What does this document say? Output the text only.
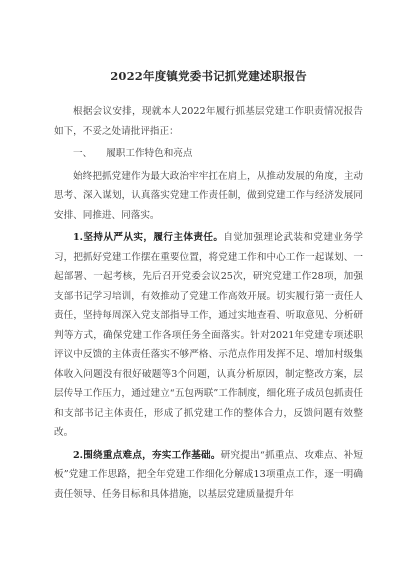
2022年度镇党委书记抓党建述职报告

根据会议安排，现就本人2022年履行抓基层党建工作职责情况报告如下，不妥之处请批评指正：

一、 履职工作特色和亮点

始终把抓党建作为最大政治牢牢扛在肩上，从推动发展的角度，主动思考、深入谋划，认真落实党建工作责任制，做到党建工作与经济发展同安排、同推进、同落实。

1.坚持从严从实，履行主体责任。自觉加强理论武装和党建业务学习，把抓好党建工作摆在重要位置，将党建工作和中心工作一起谋划、一起部署、一起考核，先后召开党委会议25次，研究党建工作28项，加强支部书记学习培训，有效推动了党建工作高效开展。切实履行第一责任人责任，坚持每周深入党支部指导工作，通过实地查看、听取意见、分析研判等方式，确保党建工作各项任务全面落实。针对2021年党建专项述职评议中反馈的主体责任落实不够严格、示范点作用发挥不足、增加村级集体收入问题没有很好破题等3个问题，认真分析原因，制定整改方案，层层传导工作压力，通过建立“五包两联”工作制度，细化班子成员包抓责任和支部书记主体责任，形成了抓党建工作的整体合力，反馈问题有效整改。

2.围绕重点难点，夯实工作基础。研究提出“抓重点、攻难点、补短板”党建工作思路，把全年党建工作细化分解成13项重点工作，逐一明确责任领导、任务目标和具体措施，以基层党建质量提升年
